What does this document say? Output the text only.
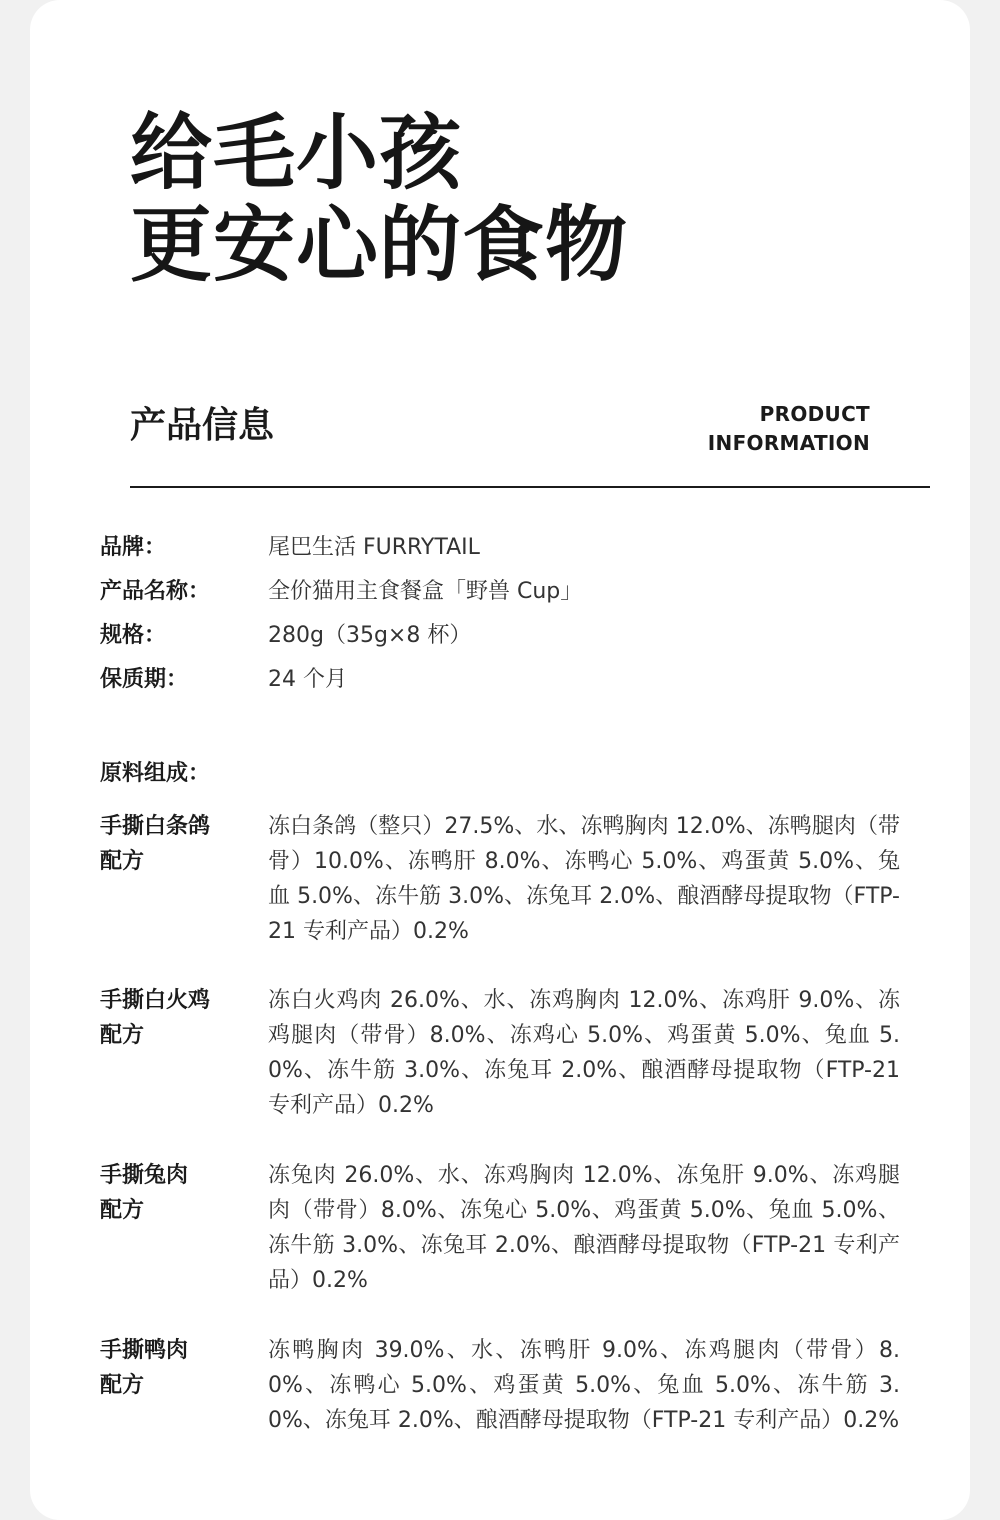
给毛小孩
更安心的食物
产品信息	PRODUCT
INFORMATION
品牌：	尾巴生活 FURRYTAIL
产品名称：	全价猫用主食餐盒「野兽 Cup」
规格：	280g（35g×8 杯）
保质期：	24 个月
原料组成：
手撕白条鸽
配方
冻白条鸽（整只）27.5%、水、冻鸭胸肉 12.0%、冻鸭腿肉（带骨）10.0%、冻鸭肝 8.0%、冻鸭心 5.0%、鸡蛋黄 5.0%、兔血 5.0%、冻牛筋 3.0%、冻兔耳 2.0%、酿酒酵母提取物（FTP-21 专利产品）0.2%
手撕白火鸡
配方
冻白火鸡肉 26.0%、水、冻鸡胸肉 12.0%、冻鸡肝 9.0%、冻鸡腿肉（带骨）8.0%、冻鸡心 5.0%、鸡蛋黄 5.0%、兔血 5.0%、冻牛筋 3.0%、冻兔耳 2.0%、酿酒酵母提取物（FTP-21 专利产品）0.2%
手撕兔肉
配方
冻兔肉 26.0%、水、冻鸡胸肉 12.0%、冻兔肝 9.0%、冻鸡腿肉（带骨）8.0%、冻兔心 5.0%、鸡蛋黄 5.0%、兔血 5.0%、冻牛筋 3.0%、冻兔耳 2.0%、酿酒酵母提取物（FTP-21 专利产品）0.2%
手撕鸭肉
配方
冻鸭胸肉 39.0%、水、冻鸭肝 9.0%、冻鸡腿肉（带骨）8.0%、冻鸭心 5.0%、鸡蛋黄 5.0%、兔血 5.0%、冻牛筋 3.0%、冻兔耳 2.0%、酿酒酵母提取物（FTP-21 专利产品）0.2%
